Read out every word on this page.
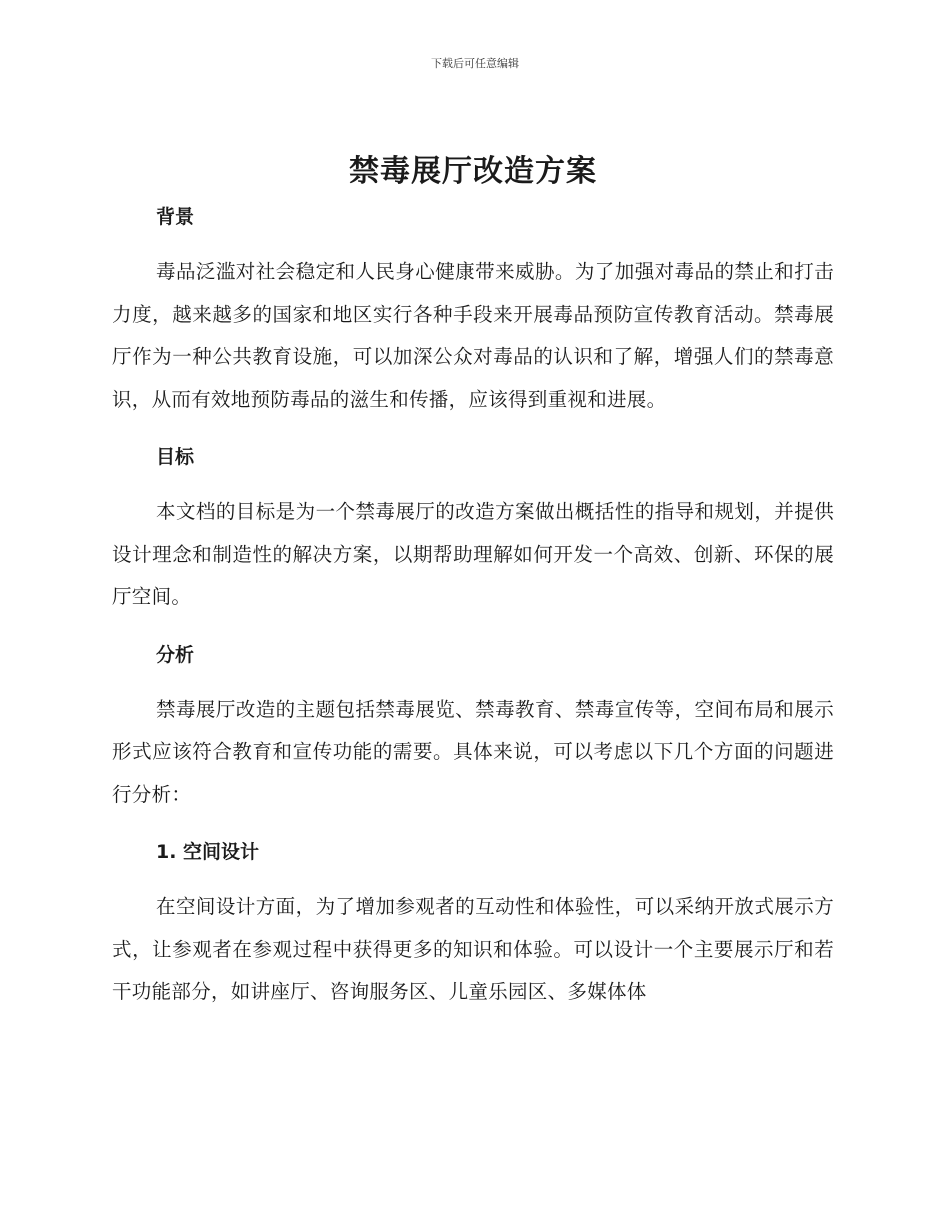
下载后可任意编辑
禁毒展厅改造方案
背景

毒品泛滥对社会稳定和人民身心健康带来威胁。为了加强对毒品的禁止和打击力度，越来越多的国家和地区实行各种手段来开展毒品预防宣传教育活动。禁毒展厅作为一种公共教育设施，可以加深公众对毒品的认识和了解，增强人们的禁毒意识，从而有效地预防毒品的滋生和传播，应该得到重视和进展。

目标

本文档的目标是为一个禁毒展厅的改造方案做出概括性的指导和规划，并提供设计理念和制造性的解决方案，以期帮助理解如何开发一个高效、创新、环保的展厅空间。

分析

禁毒展厅改造的主题包括禁毒展览、禁毒教育、禁毒宣传等，空间布局和展示形式应该符合教育和宣传功能的需要。具体来说，可以考虑以下几个方面的问题进行分析：

1. 空间设计

在空间设计方面，为了增加参观者的互动性和体验性，可以采纳开放式展示方式，让参观者在参观过程中获得更多的知识和体验。可以设计一个主要展示厅和若干功能部分，如讲座厅、咨询服务区、儿童乐园区、多媒体体
